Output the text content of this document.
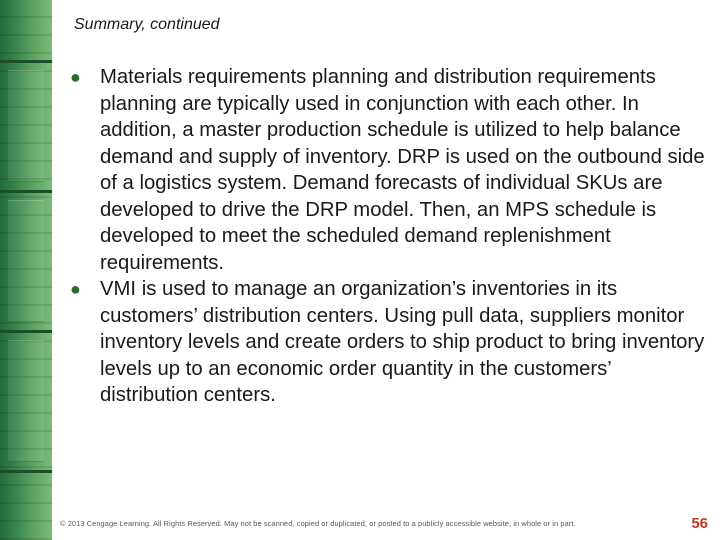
Summary, continued
● Materials requirements planning and distribution requirements planning are typically used in conjunction with each other. In addition, a master production schedule is utilized to help balance demand and supply of inventory. DRP is used on the outbound side of a logistics system. Demand forecasts of individual SKUs are developed to drive the DRP model. Then, an MPS schedule is developed to meet the scheduled demand replenishment requirements.
● VMI is used to manage an organization’s inventories in its customers’ distribution centers. Using pull data, suppliers monitor inventory levels and create orders to ship product to bring inventory levels up to an economic order quantity in the customers’ distribution centers.
© 2013 Cengage Learning. All Rights Reserved. May not be scanned, copied or duplicated, or posted to a publicly accessible website, in whole or in part.	56
